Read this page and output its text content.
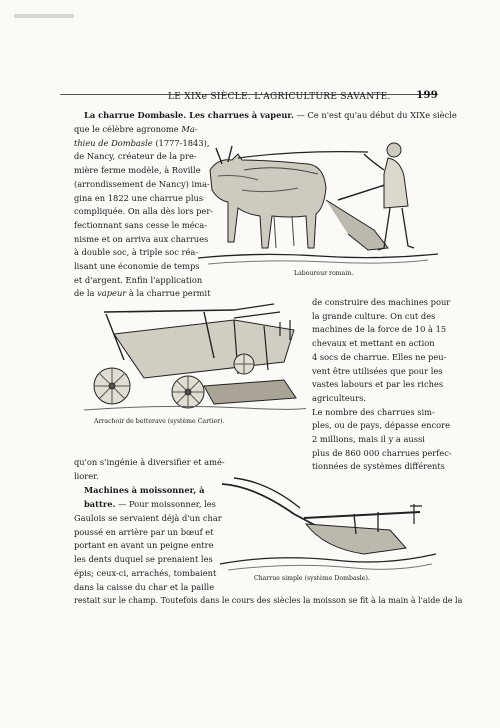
LE XIXe SIÈCLE. L'AGRICULTURE SAVANTE.	199
La charrue Dombasle. Les charrues à vapeur. — Ce n'est qu'au début du XIXe siècle

que le célèbre agronome Ma-

thieu de Dombasle (1777-1843),

de Nancy, créateur de la pre-

mière ferme modèle, à Roville

(arrondissement de Nancy) ima-

gina en 1822 une charrue plus

compliquée. On alla dès lors per-

fectionnant sans cesse le méca-

nisme et on arriva aux charrues

à double soc, à triple soc réa-

lisant une économie de temps

et d'argent. Enfin l'application

de la vapeur à la charrue permit

Laboureur romain.
Arrachoir de betterave (système Cartier).

de construire des machines pour

la grande culture. On cut des

machines de la force de 10 à 15

chevaux et mettant en action

4 socs de charrue. Elles ne peu-

vent être utilisées que pour les

vastes labours et par les riches

agriculteurs.

Le nombre des charrues sim-

ples, ou de pays, dépasse encore

2 millions, mais il y a aussi

plus de 860 000 charrues perfec-

tionnées de systèmes différents

qu'on s'ingénie à diversifier et amé-

liorer.

Machines à moissonner, à

battre. — Pour moissonner, les

Gaulois se servaient déjà d'un char

poussé en arrière par un bœuf et

portant en avant un peigne entre

les dents duquel se prenaient les

épis; ceux-ci, arrachés, tombaient

dans la caisse du char et la paille

Charrue simple (système Dombasle).
restait sur le champ. Toutefois dans le cours des siècles la moisson se fit à la main à l'aide de la
